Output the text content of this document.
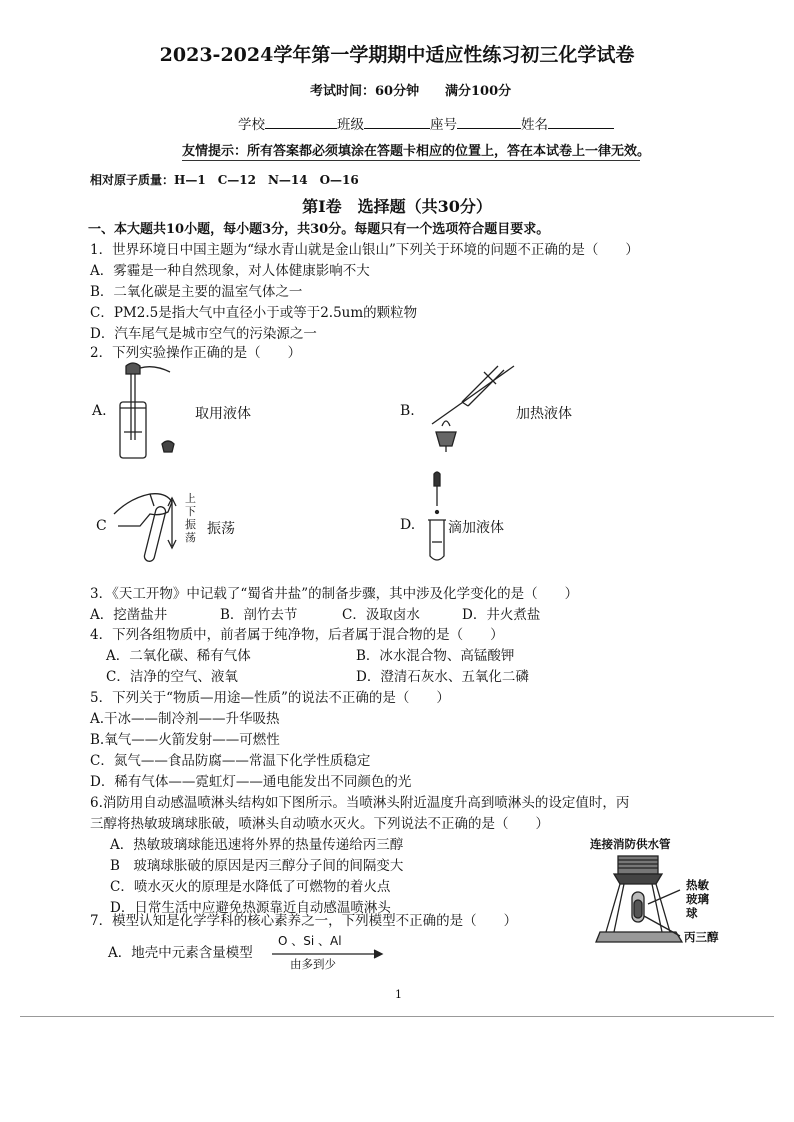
2023-2024学年第一学期期中适应性练习初三化学试卷
考试时间：60分钟 满分100分
学校	班级	座号	姓名
友情提示：所有答案都必须填涂在答题卡相应的位置上，答在本试卷上一律无效。
相对原子质量：H—1　C—12　N—14　O—16
第Ⅰ卷　选择题（共30分）
一、本大题共10小题，每小题3分，共30分。每题只有一个选项符合题目要求。
1．世界环境日中国主题为“绿水青山就是金山银山”下列关于环境的问题不正确的是（　　）
A．雾霾是一种自然现象，对人体健康影响不大
B．二氧化碳是主要的温室气体之一
C．PM2.5是指大气中直径小于或等于2.5um的颗粒物
D．汽车尾气是城市空气的污染源之一
2．下列实验操作正确的是（　　）
A.	取用液体	B.	加热液体
C
上下振荡
振荡	D. 滴加液体
3．《天工开物》中记载了“蜀省井盐”的制备步骤，其中涉及化学变化的是（　　）
A．挖凿盐井	B．剖竹去节	C．汲取卤水	D．井火煮盐
4．下列各组物质中，前者属于纯净物，后者属于混合物的是（　　）
A．二氧化碳、稀有气体	B．冰水混合物、高锰酸钾
C．洁净的空气、液氧	D．澄清石灰水、五氧化二磷
5．下列关于“物质—用途—性质”的说法不正确的是（　　）
A.干冰——制冷剂——升华吸热
B.氧气——火箭发射——可燃性
C．氮气——食品防腐——常温下化学性质稳定
D．稀有气体——霓虹灯——通电能发出不同颜色的光
6.消防用自动感温喷淋头结构如下图所示。当喷淋头附近温度升高到喷淋头的设定值时，丙
三醇将热敏玻璃球胀破，喷淋头自动喷水灭火。下列说法不正确的是（　　）
A．热敏玻璃球能迅速将外界的热量传递给丙三醇
B　玻璃球胀破的原因是丙三醇分子间的间隔变大
C．喷水灭火的原理是水降低了可燃物的着火点
D．日常生活中应避免热源靠近自动感温喷淋头
连接消防供水管
热敏玻璃球
丙三醇
7．模型认知是化学学科的核心素养之一，下列模型不正确的是（　　）
A．地壳中元素含量模型
O 、Si 、Al
由多到少
1
